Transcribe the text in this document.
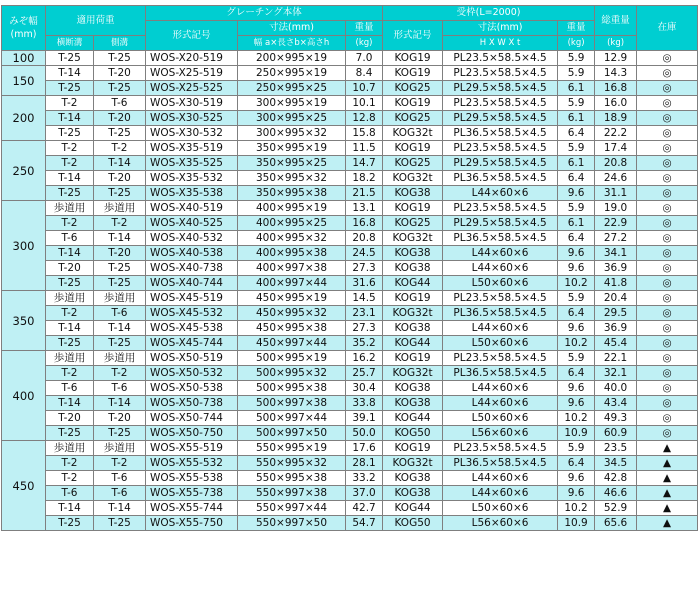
みぞ幅
(mm)	適用荷重		グレーチング本体			受枠(L=2000)			総重量	在庫
			形式記号	寸法(mm)	重量	形式記号	寸法(mm)	重量		
	横断溝	側溝		幅 a×長さb×高さh	(kg)		H X W X t	(kg)	(kg)	
100	T-25	T-25	WOS-X20-519	200×995×19	7.0	KOG19	PL23.5×58.5×4.5	5.9	12.9	◎
150	T-14	T-20	WOS-X25-519	250×995×19	8.4	KOG19	PL23.5×58.5×4.5	5.9	14.3	◎
	T-25	T-25	WOS-X25-525	250×995×25	10.7	KOG25	PL29.5×58.5×4.5	6.1	16.8	◎
200	T-2	T-6	WOS-X30-519	300×995×19	10.1	KOG19	PL23.5×58.5×4.5	5.9	16.0	◎
	T-14	T-20	WOS-X30-525	300×995×25	12.8	KOG25	PL29.5×58.5×4.5	6.1	18.9	◎
	T-25	T-25	WOS-X30-532	300×995×32	15.8	KOG32t	PL36.5×58.5×4.5	6.4	22.2	◎
250	T-2	T-2	WOS-X35-519	350×995×19	11.5	KOG19	PL23.5×58.5×4.5	5.9	17.4	◎
	T-2	T-14	WOS-X35-525	350×995×25	14.7	KOG25	PL29.5×58.5×4.5	6.1	20.8	◎
	T-14	T-20	WOS-X35-532	350×995×32	18.2	KOG32t	PL36.5×58.5×4.5	6.4	24.6	◎
	T-25	T-25	WOS-X35-538	350×995×38	21.5	KOG38	L44×60×6	9.6	31.1	◎
300	歩道用	歩道用	WOS-X40-519	400×995×19	13.1	KOG19	PL23.5×58.5×4.5	5.9	19.0	◎
	T-2	T-2	WOS-X40-525	400×995×25	16.8	KOG25	PL29.5×58.5×4.5	6.1	22.9	◎
	T-6	T-14	WOS-X40-532	400×995×32	20.8	KOG32t	PL36.5×58.5×4.5	6.4	27.2	◎
	T-14	T-20	WOS-X40-538	400×995×38	24.5	KOG38	L44×60×6	9.6	34.1	◎
	T-20	T-25	WOS-X40-738	400×997×38	27.3	KOG38	L44×60×6	9.6	36.9	◎
	T-25	T-25	WOS-X40-744	400×997×44	31.6	KOG44	L50×60×6	10.2	41.8	◎
350	歩道用	歩道用	WOS-X45-519	450×995×19	14.5	KOG19	PL23.5×58.5×4.5	5.9	20.4	◎
	T-2	T-6	WOS-X45-532	450×995×32	23.1	KOG32t	PL36.5×58.5×4.5	6.4	29.5	◎
	T-14	T-14	WOS-X45-538	450×995×38	27.3	KOG38	L44×60×6	9.6	36.9	◎
	T-25	T-25	WOS-X45-744	450×997×44	35.2	KOG44	L50×60×6	10.2	45.4	◎
400	歩道用	歩道用	WOS-X50-519	500×995×19	16.2	KOG19	PL23.5×58.5×4.5	5.9	22.1	◎
	T-2	T-2	WOS-X50-532	500×995×32	25.7	KOG32t	PL36.5×58.5×4.5	6.4	32.1	◎
	T-6	T-6	WOS-X50-538	500×995×38	30.4	KOG38	L44×60×6	9.6	40.0	◎
	T-14	T-14	WOS-X50-738	500×997×38	33.8	KOG38	L44×60×6	9.6	43.4	◎
	T-20	T-20	WOS-X50-744	500×997×44	39.1	KOG44	L50×60×6	10.2	49.3	◎
	T-25	T-25	WOS-X50-750	500×997×50	50.0	KOG50	L56×60×6	10.9	60.9	◎
450	歩道用	歩道用	WOS-X55-519	550×995×19	17.6	KOG19	PL23.5×58.5×4.5	5.9	23.5	▲
	T-2	T-2	WOS-X55-532	550×995×32	28.1	KOG32t	PL36.5×58.5×4.5	6.4	34.5	▲
	T-2	T-6	WOS-X55-538	550×995×38	33.2	KOG38	L44×60×6	9.6	42.8	▲
	T-6	T-6	WOS-X55-738	550×997×38	37.0	KOG38	L44×60×6	9.6	46.6	▲
	T-14	T-14	WOS-X55-744	550×997×44	42.7	KOG44	L50×60×6	10.2	52.9	▲
	T-25	T-25	WOS-X55-750	550×997×50	54.7	KOG50	L56×60×6	10.9	65.6	▲
